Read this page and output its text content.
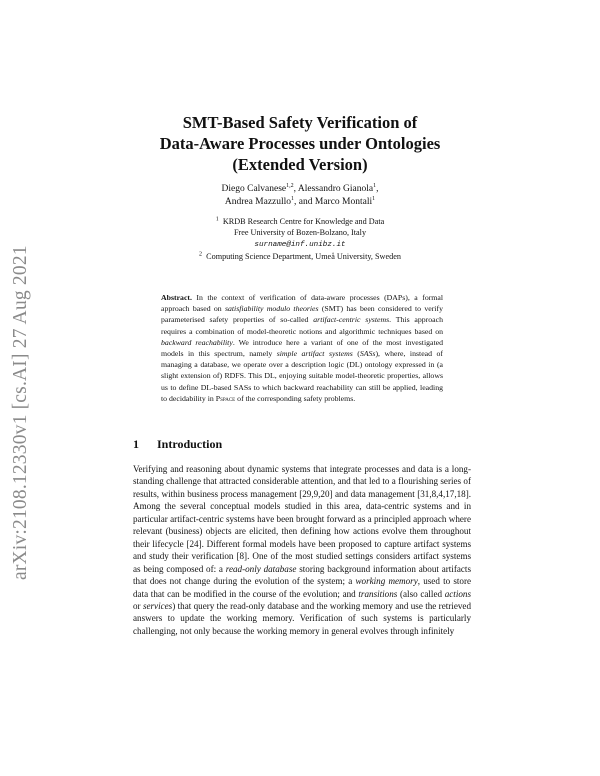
arXiv:2108.12330v1 [cs.AI] 27 Aug 2021
SMT-Based Safety Verification of
Data-Aware Processes under Ontologies
(Extended Version)
Diego Calvanese$^{1,2}$, Alessandro Gianola$^1$,
Andrea Mazzullo$^1$, and Marco Montali$^1$
$^1$ KRDB Research Centre for Knowledge and Data
Free University of Bozen-Bolzano, Italy
surname@inf.unibz.it
$^2$ Computing Science Department, Umeå University, Sweden

Abstract. In the context of verification of data-aware processes (DAPs), a formal approach based on satisfiability modulo theories (SMT) has been considered to verify parameterised safety properties of so-called artifact-centric systems. This approach requires a combination of model-theoretic notions and algorithmic techniques based on backward reachability. We introduce here a variant of one of the most investigated models in this spectrum, namely simple artifact systems (SASs), where, instead of managing a database, we operate over a description logic (DL) ontology expressed in (a slight extension of) RDFS. This DL, enjoying suitable model-theoretic properties, allows us to define DL-based SASs to which backward reachability can still be applied, leading to decidability in Pspace of the corresponding safety problems.

1 Introduction

Verifying and reasoning about dynamic systems that integrate processes and data is a long-standing challenge that attracted considerable attention, and that led to a flourishing series of results, within business process management [29,9,20] and data management [31,8,4,17,18]. Among the several conceptual models studied in this area, data-centric systems and in particular artifact-centric systems have been brought forward as a principled approach where relevant (business) objects are elicited, then defining how actions evolve them throughout their lifecycle [24]. Different formal models have been proposed to capture artifact systems and study their verification [8]. One of the most studied settings considers artifact systems as being composed of: a read-only database storing background information about artifacts that does not change during the evolution of the system; a working memory, used to store data that can be modified in the course of the evolution; and transitions (also called actions or services) that query the read-only database and the working memory and use the retrieved answers to update the working memory. Verification of such systems is particularly challenging, not only because the working memory in general evolves through infinitely
